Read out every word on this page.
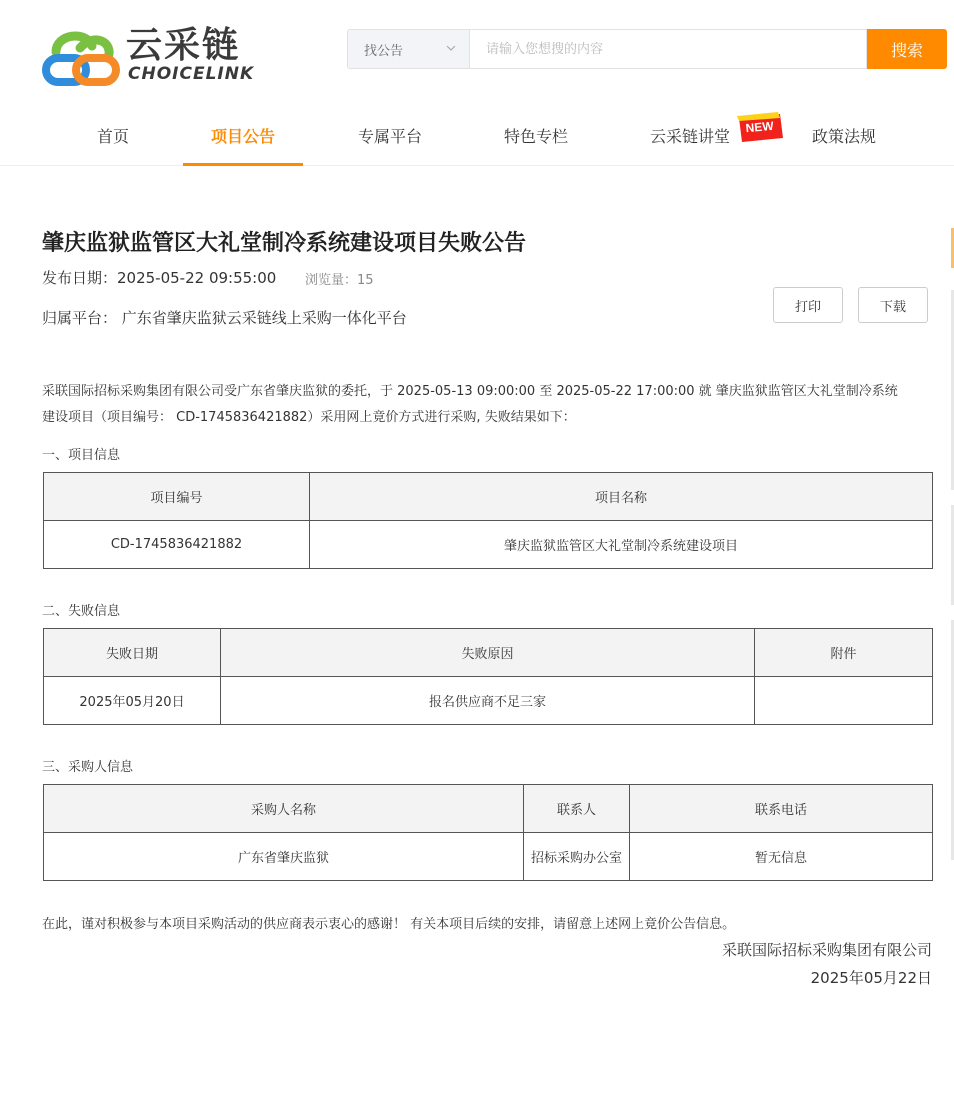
云采链
CHOICELINK
找公告
请输入您想搜的内容	搜索
首页	项目公告	专属平台	特色专栏	云采链讲堂	政策法规
NEW
肇庆监狱监管区大礼堂制冷系统建设项目失败公告
发布日期：2025-05-22 09:55:00 浏览量：15
归属平台： 广东省肇庆监狱云采链线上采购一体化平台
打印	下载
采联国际招标采购集团有限公司受广东省肇庆监狱的委托，于 2025-05-13 09:00:00 至 2025-05-22 17:00:00 就 肇庆监狱监管区大礼堂制冷系统
建设项目（项目编号： CD-1745836421882）采用网上竟价方式进行采购, 失败结果如下：
一、项目信息
项目编号	项目名称
CD-1745836421882	肇庆监狱监管区大礼堂制冷系统建设项目
二、失败信息
失败日期	失败原因	附件
2025年05月20日	报名供应商不足三家	
三、采购人信息
采购人名称	联系人	联系电话
广东省肇庆监狱	招标采购办公室	暂无信息
在此，谨对积极参与本项目采购活动的供应商表示衷心的感谢！ 有关本项目后续的安排，请留意上述网上竟价公告信息。
采联国际招标采购集团有限公司
2025年05月22日
